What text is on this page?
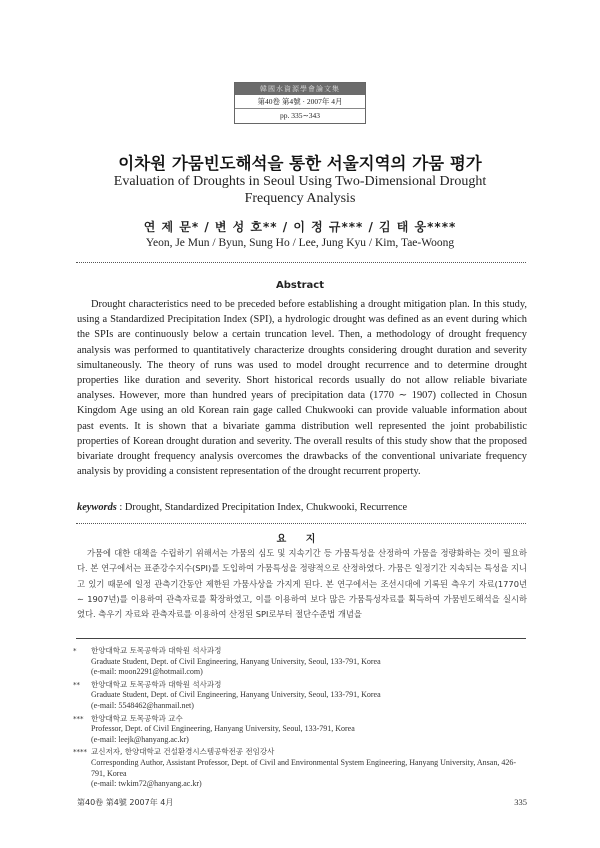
韓國水資源學會論文集
第40卷 第4號 · 2007年 4月
pp. 335∼343
이차원 가뭄빈도해석을 통한 서울지역의 가뭄 평가
Evaluation of Droughts in Seoul Using Two-Dimensional Drought Frequency Analysis
연 제 문* / 변 성 호** / 이 정 규*** / 김 태 웅****
Yeon, Je Mun / Byun, Sung Ho / Lee, Jung Kyu / Kim, Tae-Woong
Abstract

Drought characteristics need to be preceded before establishing a drought mitigation plan. In this study, using a Standardized Precipitation Index (SPI), a hydrologic drought was defined as an event during which the SPIs are continuously below a certain truncation level. Then, a methodology of drought frequency analysis was performed to quantitatively characterize droughts considering drought duration and severity simultaneously. The theory of runs was used to model drought recurrence and to determine drought properties like duration and severity. Short historical records usually do not allow reliable bivariate analyses. However, more than hundred years of precipitation data (1770 ∼ 1907) collected in Chosun Kingdom Age using an old Korean rain gage called Chukwooki can provide valuable information about past events. It is shown that a bivariate gamma distribution well represented the joint probabilistic properties of Korean drought duration and severity. The overall results of this study show that the proposed bivariate drought frequency analysis overcomes the drawbacks of the conventional univariate frequency analysis by providing a consistent representation of the drought recurrent property.

keywords : Drought, Standardized Precipitation Index, Chukwooki, Recurrence
요 지

가뭄에 대한 대책을 수립하기 위해서는 가뭄의 심도 및 지속기간 등 가뭄특성을 산정하여 가뭄을 정량화하는 것이 필요하다. 본 연구에서는 표준강수지수(SPI)를 도입하여 가뭄특성을 정량적으로 산정하였다. 가뭄은 일정기간 지속되는 특성을 지니고 있기 때문에 일정 관측기간동안 제한된 가뭄사상을 가지게 된다. 본 연구에서는 조선시대에 기록된 측우기 자료(1770년 ∼ 1907년)를 이용하여 관측자료를 확장하였고, 이를 이용하여 보다 많은 가뭄특성자료를 획득하여 가뭄빈도해석을 실시하였다. 측우기 자료와 관측자료를 이용하여 산정된 SPI로부터 절단수준법 개념을

* 한양대학교 토목공학과 대학원 석사과정
Graduate Student, Dept. of Civil Engineering, Hanyang University, Seoul, 133-791, Korea
(e-mail: moon2291@hotmail.com)
** 한양대학교 토목공학과 대학원 석사과정
Graduate Student, Dept. of Civil Engineering, Hanyang University, Seoul, 133-791, Korea
(e-mail: 5548462@hanmail.net)
*** 한양대학교 토목공학과 교수
Professor, Dept. of Civil Engineering, Hanyang University, Seoul, 133-791, Korea
(e-mail: leejk@hanyang.ac.kr)
**** 교신저자, 한양대학교 건설환경시스템공학전공 전임강사
Corresponding Author, Assistant Professor, Dept. of Civil and Environmental System Engineering, Hanyang University, Ansan, 426-791, Korea
(e-mail: twkim72@hanyang.ac.kr)
第40卷 第4號 2007年 4月	335
